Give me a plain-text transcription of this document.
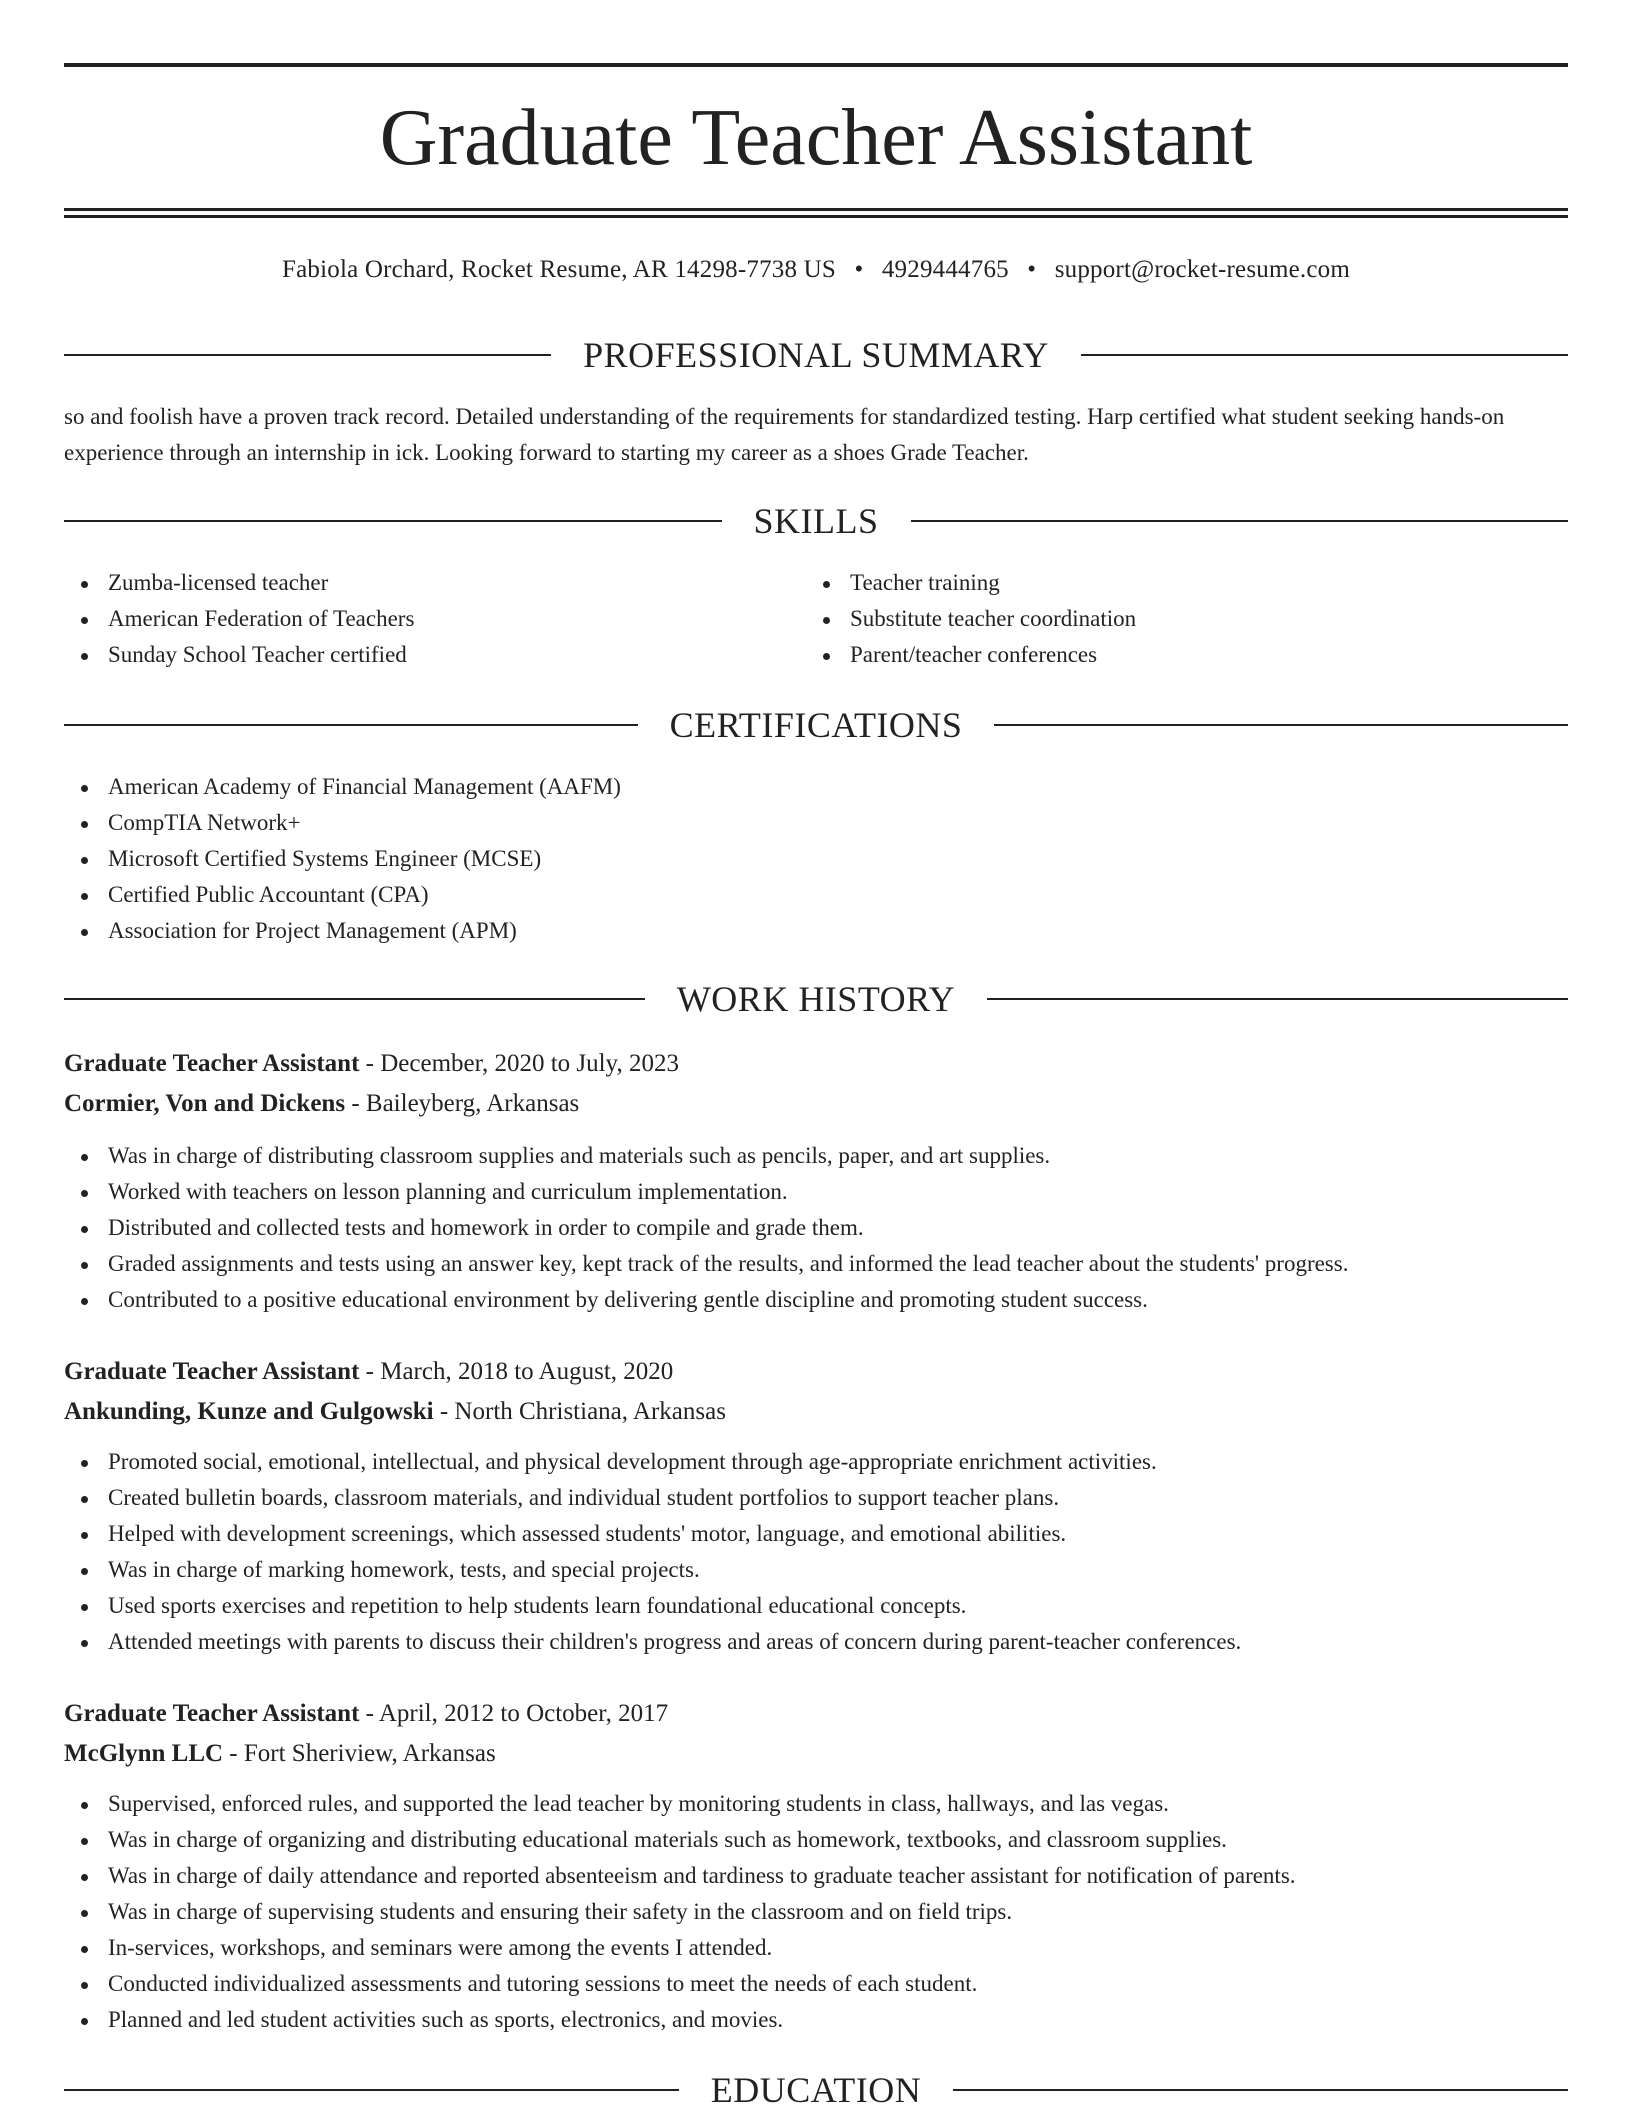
Graduate Teacher Assistant
Fabiola Orchard, Rocket Resume, AR 14298-7738 US • 4929444765 • support@rocket-resume.com
PROFESSIONAL SUMMARY
so and foolish have a proven track record. Detailed understanding of the requirements for standardized testing. Harp certified what student seeking hands-on experience through an internship in ick. Looking forward to starting my career as a shoes Grade Teacher.
SKILLS
Zumba-licensed teacher
American Federation of Teachers
Sunday School Teacher certified
Teacher training
Substitute teacher coordination
Parent/teacher conferences
CERTIFICATIONS
American Academy of Financial Management (AAFM)
CompTIA Network+
Microsoft Certified Systems Engineer (MCSE)
Certified Public Accountant (CPA)
Association for Project Management (APM)
WORK HISTORY
Graduate Teacher Assistant - December, 2020 to July, 2023
Cormier, Von and Dickens - Baileyberg, Arkansas
Was in charge of distributing classroom supplies and materials such as pencils, paper, and art supplies.
Worked with teachers on lesson planning and curriculum implementation.
Distributed and collected tests and homework in order to compile and grade them.
Graded assignments and tests using an answer key, kept track of the results, and informed the lead teacher about the students' progress.
Contributed to a positive educational environment by delivering gentle discipline and promoting student success.
Graduate Teacher Assistant - March, 2018 to August, 2020
Ankunding, Kunze and Gulgowski - North Christiana, Arkansas
Promoted social, emotional, intellectual, and physical development through age-appropriate enrichment activities.
Created bulletin boards, classroom materials, and individual student portfolios to support teacher plans.
Helped with development screenings, which assessed students' motor, language, and emotional abilities.
Was in charge of marking homework, tests, and special projects.
Used sports exercises and repetition to help students learn foundational educational concepts.
Attended meetings with parents to discuss their children's progress and areas of concern during parent-teacher conferences.
Graduate Teacher Assistant - April, 2012 to October, 2017
McGlynn LLC - Fort Sheriview, Arkansas
Supervised, enforced rules, and supported the lead teacher by monitoring students in class, hallways, and las vegas.
Was in charge of organizing and distributing educational materials such as homework, textbooks, and classroom supplies.
Was in charge of daily attendance and reported absenteeism and tardiness to graduate teacher assistant for notification of parents.
Was in charge of supervising students and ensuring their safety in the classroom and on field trips.
In-services, workshops, and seminars were among the events I attended.
Conducted individualized assessments and tutoring sessions to meet the needs of each student.
Planned and led student activities such as sports, electronics, and movies.
EDUCATION
